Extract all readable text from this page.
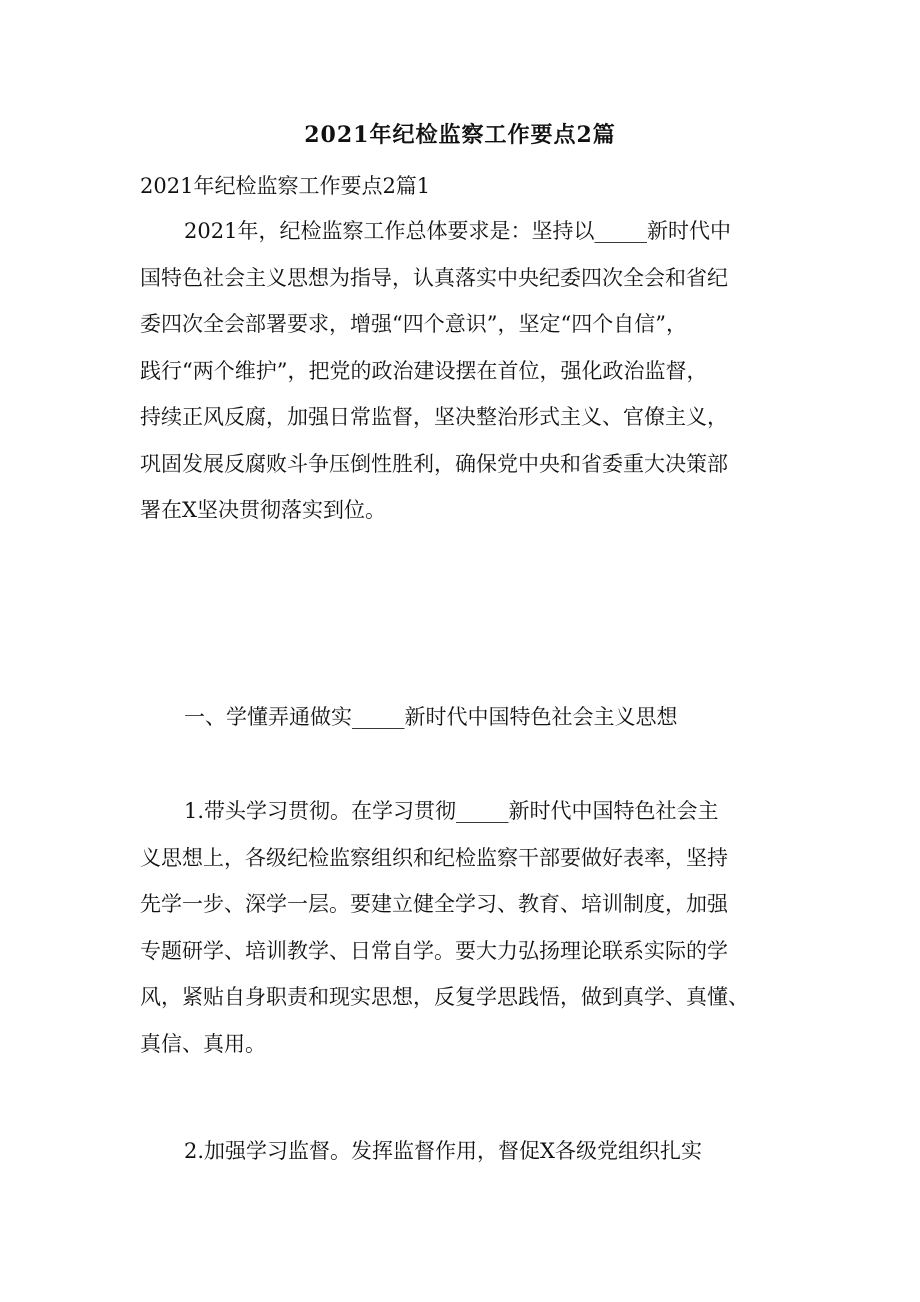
2021年纪检监察工作要点2篇
2021年纪检监察工作要点2篇1
2021年，纪检监察工作总体要求是：坚持以_____新时代中
国特色社会主义思想为指导，认真落实中央纪委四次全会和省纪
委四次全会部署要求，增强“四个意识”，坚定“四个自信”，
践行“两个维护”，把党的政治建设摆在首位，强化政治监督，
持续正风反腐，加强日常监督，坚决整治形式主义、官僚主义，
巩固发展反腐败斗争压倒性胜利，确保党中央和省委重大决策部
署在X坚决贯彻落实到位。
一、学懂弄通做实_____新时代中国特色社会主义思想
1.带头学习贯彻。在学习贯彻_____新时代中国特色社会主
义思想上，各级纪检监察组织和纪检监察干部要做好表率，坚持
先学一步、深学一层。要建立健全学习、教育、培训制度，加强
专题研学、培训教学、日常自学。要大力弘扬理论联系实际的学
风，紧贴自身职责和现实思想，反复学思践悟，做到真学、真懂、
真信、真用。
2.加强学习监督。发挥监督作用，督促X各级党组织扎实
